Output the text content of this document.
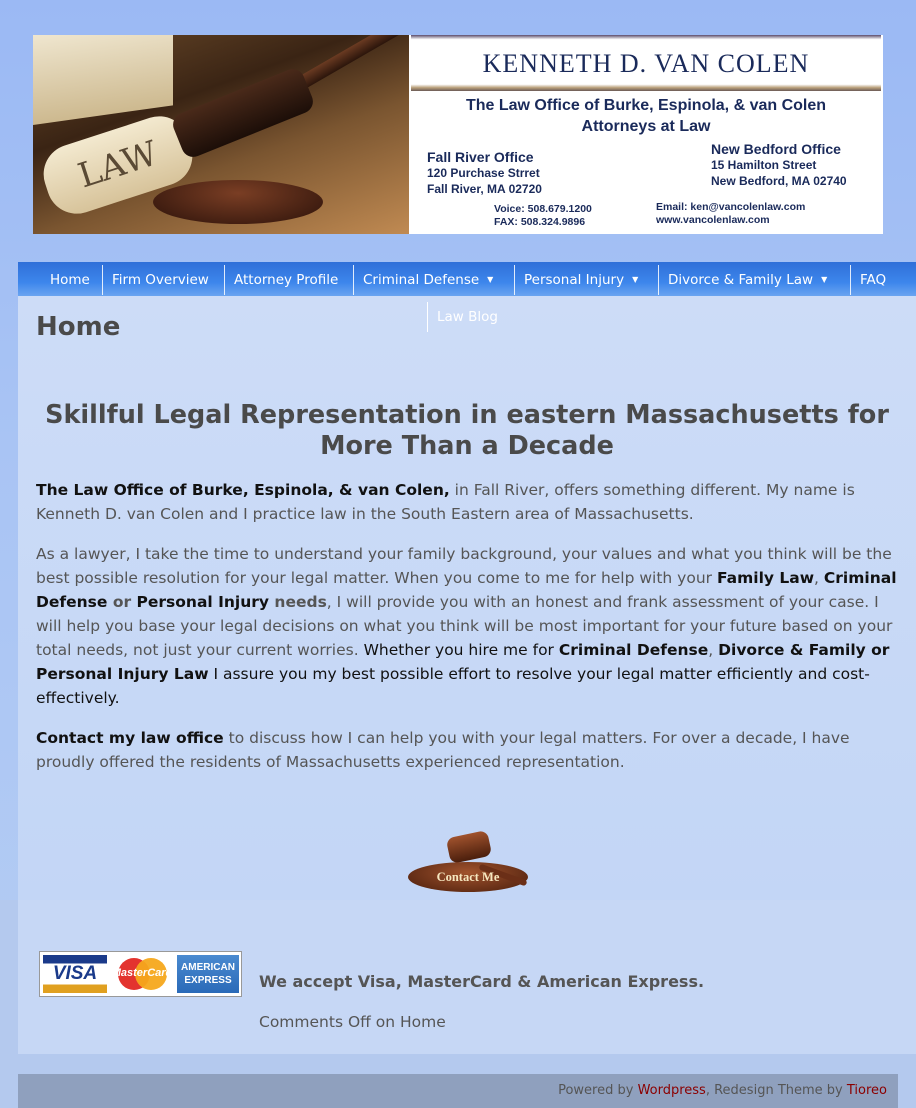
LAW
KENNETH D. VAN COLEN
The Law Office of Burke, Espinola, & van Colen
Attorneys at Law
Fall River Office
120 Purchase Strret
Fall River, MA 02720
Voice: 508.679.1200
FAX: 508.324.9896
New Bedford Office
15 Hamilton Street
New Bedford, MA 02740
Email: ken@vancolenlaw.com
www.vancolenlaw.com
Home Firm Overview Attorney Profile Criminal Defense ▼ Personal Injury ▼ Divorce & Family Law ▼ FAQ
Home
Skillful Legal Representation in eastern Massachusetts for More Than a Decade

The Law Office of Burke, Espinola, & van Colen, in Fall River, offers something different. My name is Kenneth D. van Colen and I practice law in the South Eastern area of Massachusetts.

As a lawyer, I take the time to understand your family background, your values and what you think will be the best possible resolution for your legal matter. When you come to me for help with your Family Law, Criminal Defense or Personal Injury needs, I will provide you with an honest and frank assessment of your case. I will help you base your legal decisions on what you think will be most important for your future based on your total needs, not just your current worries. Whether you hire me for Criminal Defense, Divorce & Family or Personal Injury Law I assure you my best possible effort to resolve your legal matter efficiently and cost-effectively.

Contact my law office to discuss how I can help you with your legal matters. For over a decade, I have proudly offered the residents of Massachusetts experienced representation.

Contact Me
Law Blog
VISA	MasterCard AMERICAN
EXPRESS	We accept Visa, MasterCard & American Express.
Comments Off on Home
Powered by Wordpress, Redesign Theme by Tioreo
